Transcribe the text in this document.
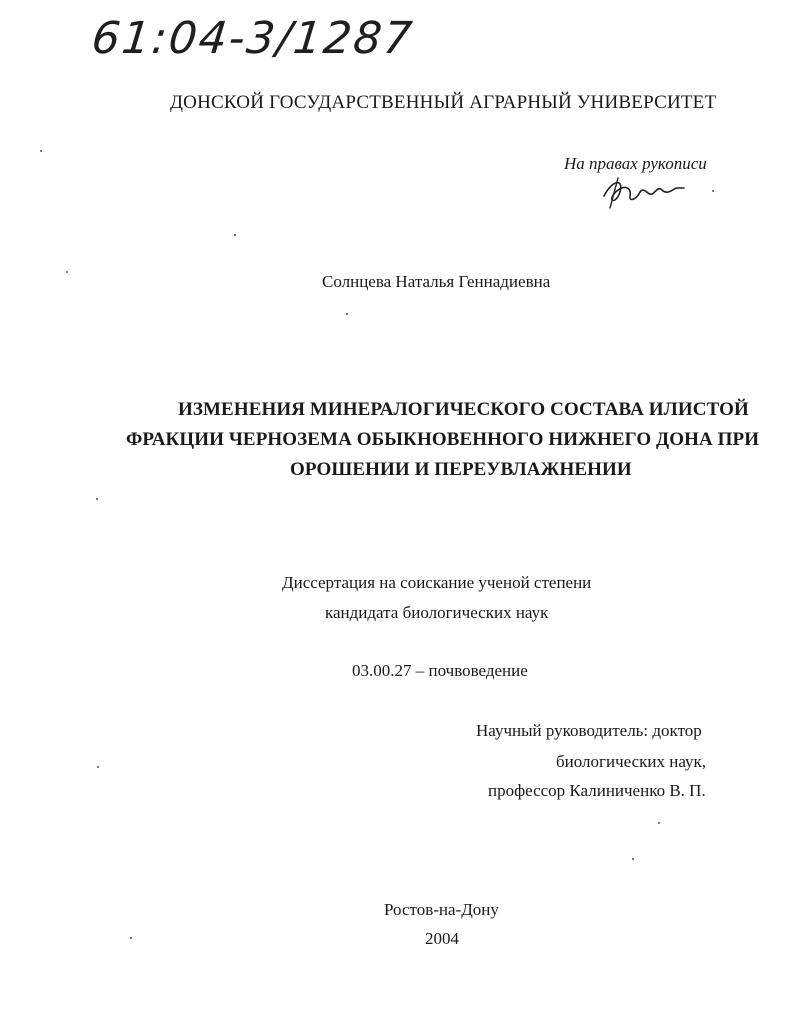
61:04-3/1287
ДОНСКОЙ ГОСУДАРСТВЕННЫЙ АГРАРНЫЙ УНИВЕРСИТЕТ
На правах рукописи
Солнцева Наталья Геннадиевна
ИЗМЕНЕНИЯ МИНЕРАЛОГИЧЕСКОГО СОСТАВА ИЛИСТОЙ
ФРАКЦИИ ЧЕРНОЗЕМА ОБЫКНОВЕННОГО НИЖНЕГО ДОНА ПРИ
ОРОШЕНИИ И ПЕРЕУВЛАЖНЕНИИ
Диссертация на соискание ученой степени
кандидата биологических наук
03.00.27 – почвоведение
Научный руководитель: доктор
биологических наук,
профессор Калиниченко В. П.
Ростов-на-Дону
2004
